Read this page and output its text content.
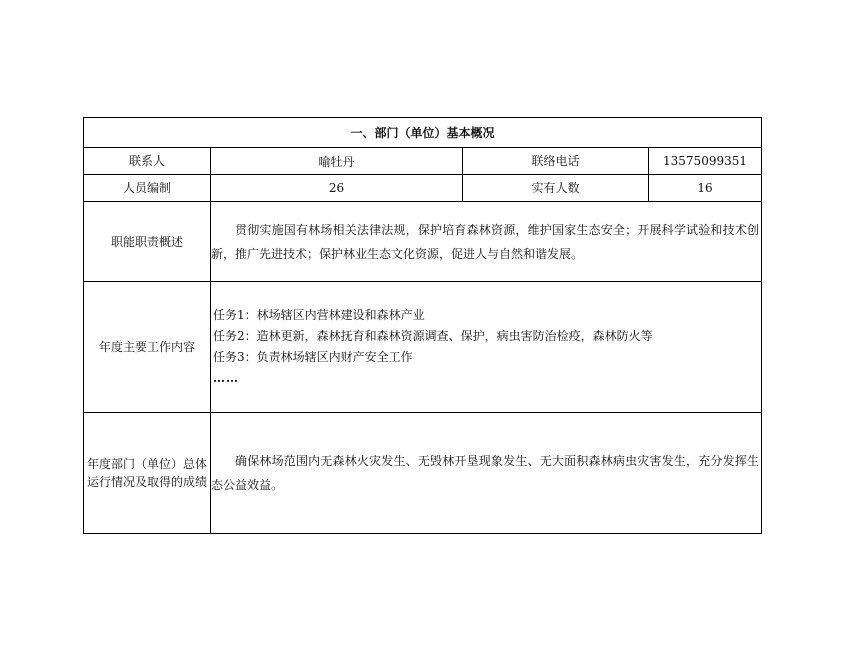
一、部门（单位）基本概况			
联系人	喻牡丹	联络电话	13575099351
人员编制	26	实有人数	16
职能职责概述	贯彻实施国有林场相关法律法规，保护培育森林资源，维护国家生态安全；开展科学试验和技术创新，推广先进技术；保护林业生态文化资源，促进人与自然和谐发展。		

年度主要工作内容	任务1：林场辖区内营林建设和森林产业
任务2：造林更新，森林抚育和森林资源调查、保护，病虫害防治检疫，森林防火等
任务3：负责林场辖区内财产安全工作
……		

年度部门（单位）总体运行情况及取得的成绩	确保林场范围内无森林火灾发生、无毁林开垦现象发生、无大面积森林病虫灾害发生，充分发挥生态公益效益。		
